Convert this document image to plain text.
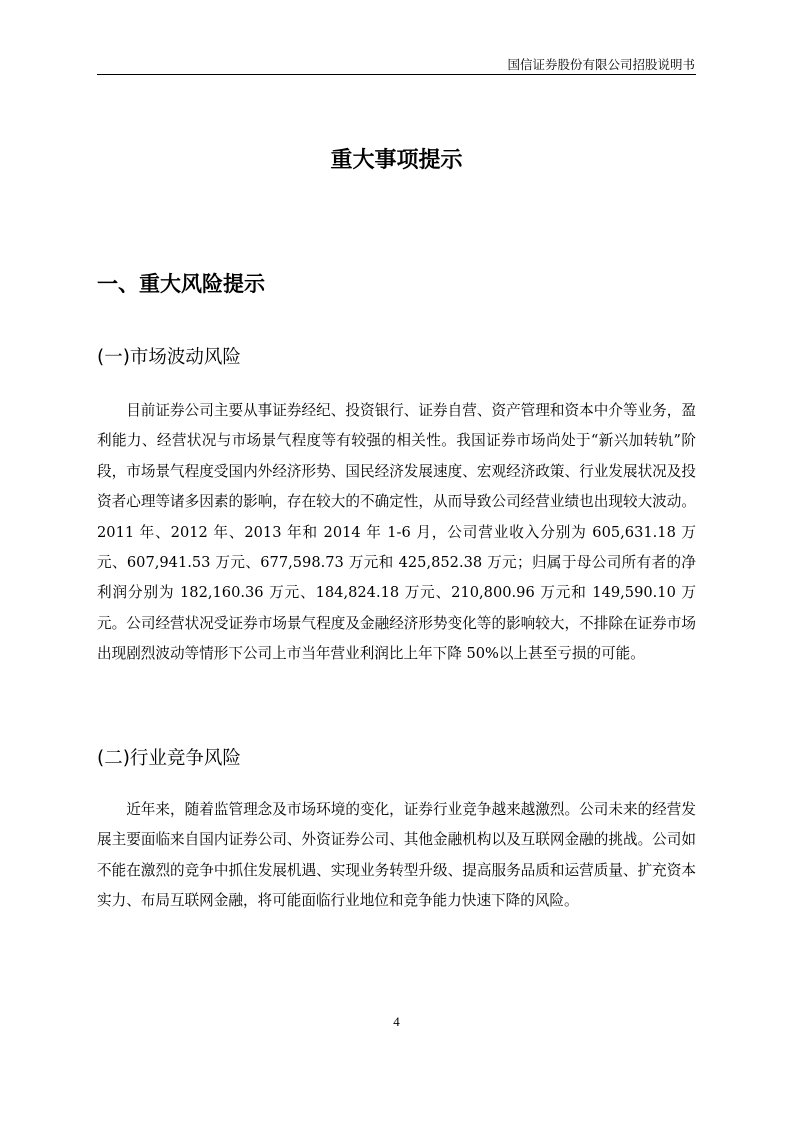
国信证券股份有限公司招股说明书
重大事项提示
一、重大风险提示
(一)市场波动风险
目前证券公司主要从事证券经纪、投资银行、证券自营、资产管理和资本中介等业务，盈利能力、经营状况与市场景气程度等有较强的相关性。我国证券市场尚处于“新兴加转轨”阶段，市场景气程度受国内外经济形势、国民经济发展速度、宏观经济政策、行业发展状况及投资者心理等诸多因素的影响，存在较大的不确定性，从而导致公司经营业绩也出现较大波动。2011 年、2012 年、2013 年和 2014 年 1-6 月，公司营业收入分别为 605,631.18 万元、607,941.53 万元、677,598.73 万元和 425,852.38 万元；归属于母公司所有者的净利润分别为 182,160.36 万元、184,824.18 万元、210,800.96 万元和 149,590.10 万元。公司经营状况受证券市场景气程度及金融经济形势变化等的影响较大，不排除在证券市场出现剧烈波动等情形下公司上市当年营业利润比上年下降 50%以上甚至亏损的可能。
(二)行业竞争风险
近年来，随着监管理念及市场环境的变化，证券行业竞争越来越激烈。公司未来的经营发展主要面临来自国内证券公司、外资证券公司、其他金融机构以及互联网金融的挑战。公司如不能在激烈的竞争中抓住发展机遇、实现业务转型升级、提高服务品质和运营质量、扩充资本实力、布局互联网金融，将可能面临行业地位和竞争能力快速下降的风险。
4
